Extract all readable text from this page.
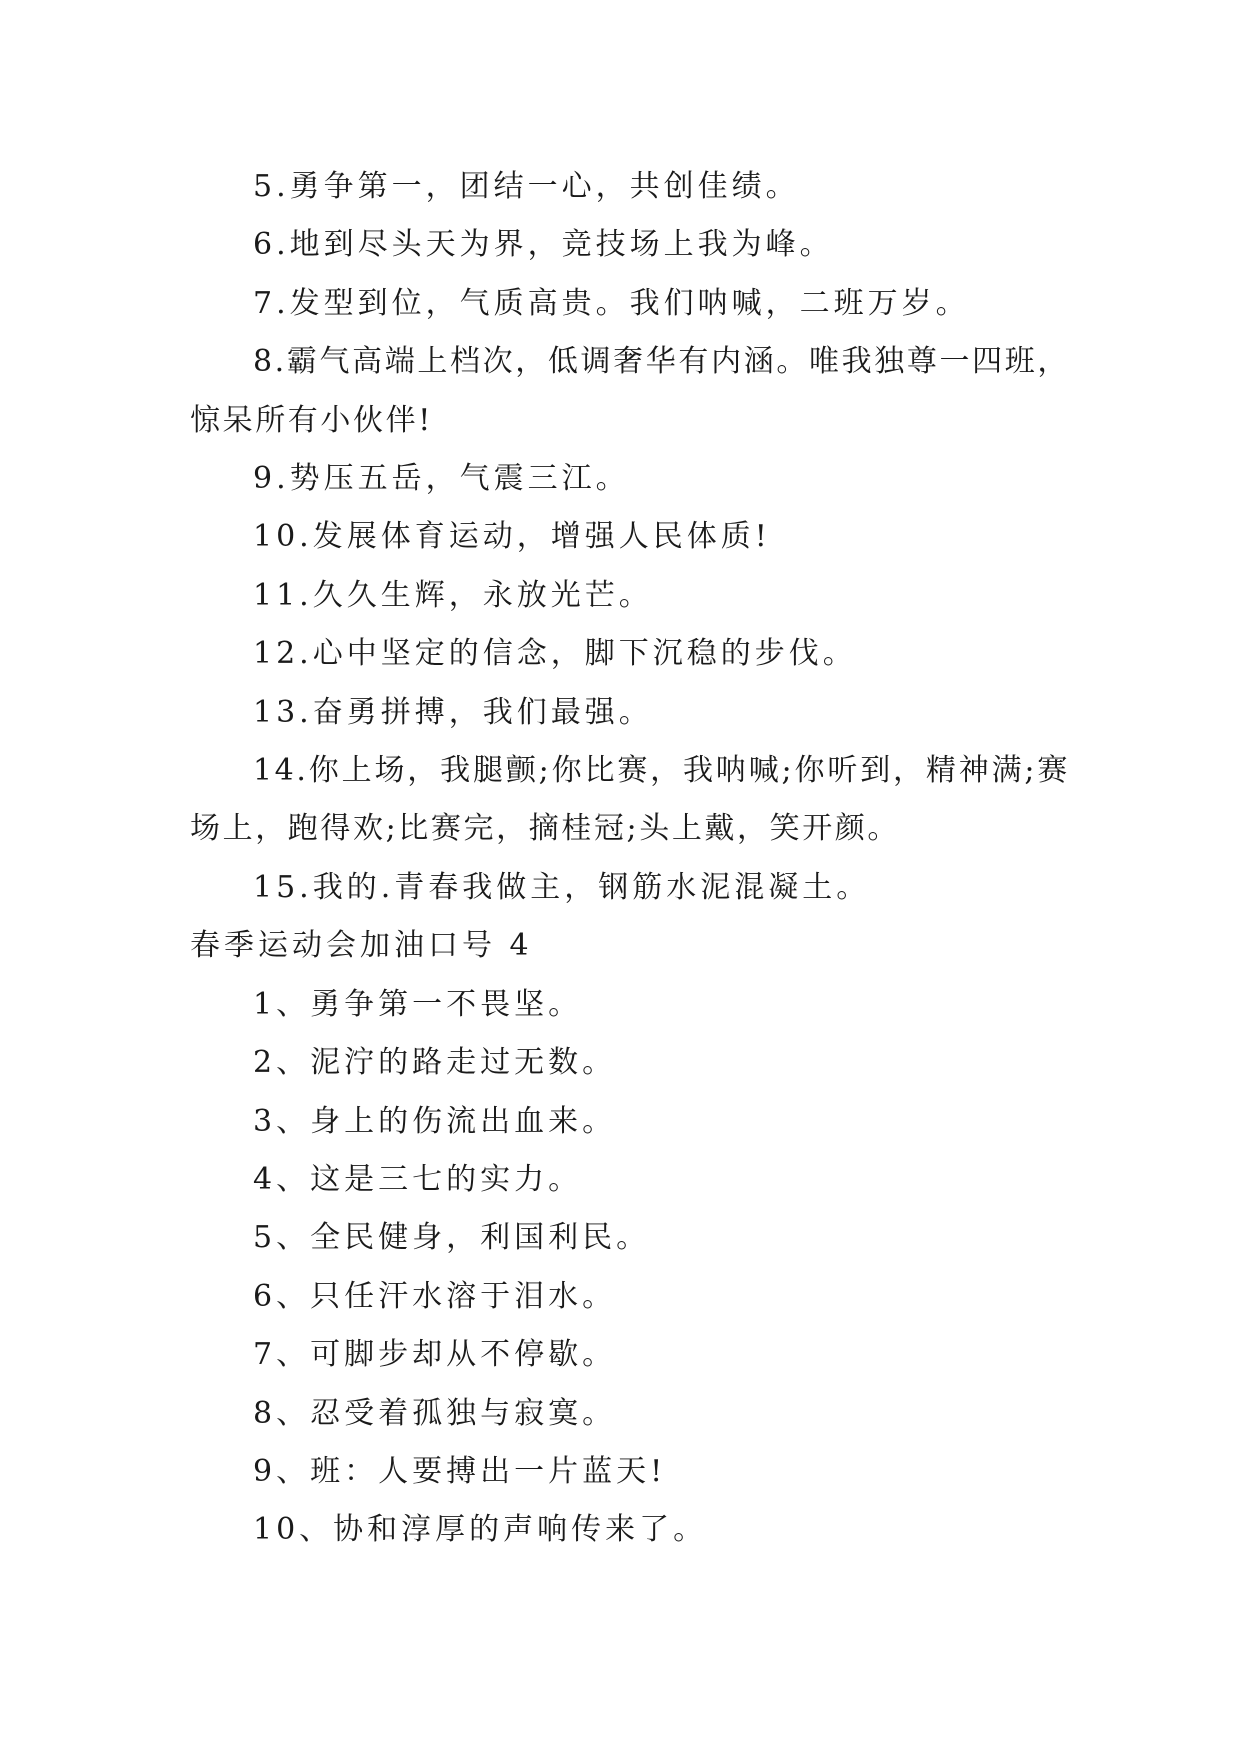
5.勇争第一，团结一心，共创佳绩。
6.地到尽头天为界，竞技场上我为峰。
7.发型到位，气质高贵。我们呐喊，二班万岁。
8.霸气高端上档次，低调奢华有内涵。唯我独尊一四班，惊呆所有小伙伴!
9.势压五岳，气震三江。
10.发展体育运动，增强人民体质!
11.久久生辉，永放光芒。
12.心中坚定的信念，脚下沉稳的步伐。
13.奋勇拼搏，我们最强。
14.你上场，我腿颤;你比赛，我呐喊;你听到，精神满;赛场上，跑得欢;比赛完，摘桂冠;头上戴，笑开颜。
15.我的.青春我做主，钢筋水泥混凝土。
春季运动会加油口号 4
1、勇争第一不畏坚。
2、泥泞的路走过无数。
3、身上的伤流出血来。
4、这是三七的实力。
5、全民健身，利国利民。
6、只任汗水溶于泪水。
7、可脚步却从不停歇。
8、忍受着孤独与寂寞。
9、班：人要搏出一片蓝天!
10、协和淳厚的声响传来了。
